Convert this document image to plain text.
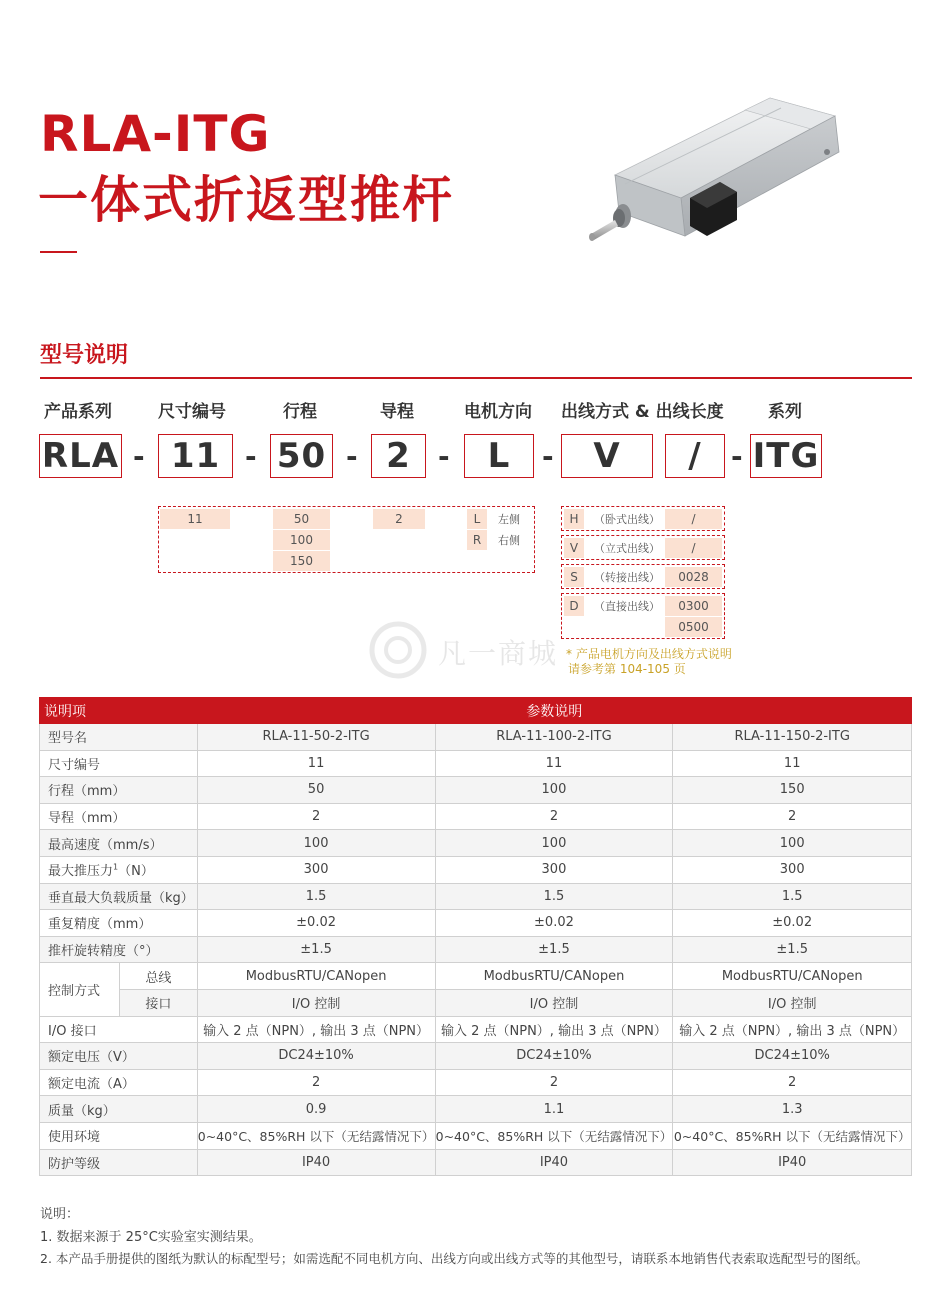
RLA-ITG
一体式折返型推杆
型号说明
产品系列	尺寸编号	行程	导程	电机方向 出线方式 & 出线长度	系列
RLA - 11 - 50 - 2 -	L	-	V	/	- ITG
11	50
100
150
2	L	左侧
R	右侧
H	（卧式出线）	/
V	（立式出线）	/
S	（转接出线）	0028
D	（直接出线）	0300
0500
* 产品电机方向及出线方式说明
请参考第 104-105 页
凡一商城
说明项		参数说明		
型号名		RLA-11-50-2-ITG	RLA-11-100-2-ITG	RLA-11-150-2-ITG
尺寸编号		11	11	11
行程（mm）		50	100	150
导程（mm）		2	2	2
最高速度（mm/s）		100	100	100
最大推压力$^1$（N）		300	300	300
垂直最大负载质量（kg）		1.5	1.5	1.5
重复精度（mm）		±0.02	±0.02	±0.02
推杆旋转精度（°）		±1.5	±1.5	±1.5
控制方式	总线	ModbusRTU/CANopen	ModbusRTU/CANopen	ModbusRTU/CANopen
	接口	I/O 控制	I/O 控制	I/O 控制
I/O 接口		输入 2 点（NPN）, 输出 3 点（NPN）	输入 2 点（NPN）, 输出 3 点（NPN）	输入 2 点（NPN）, 输出 3 点（NPN）
额定电压（V）		DC24±10%	DC24±10%	DC24±10%
额定电流（A）		2	2	2
质量（kg）		0.9	1.1	1.3
使用环境		0~40°C、85%RH 以下（无结露情况下）	0~40°C、85%RH 以下（无结露情况下）	0~40°C、85%RH 以下（无结露情况下）
防护等级		IP40	IP40	IP40
说明：
1. 数据来源于 25°C实验室实测结果。
2. 本产品手册提供的图纸为默认的标配型号；如需选配不同电机方向、出线方向或出线方式等的其他型号，请联系本地销售代表索取选配型号的图纸。
